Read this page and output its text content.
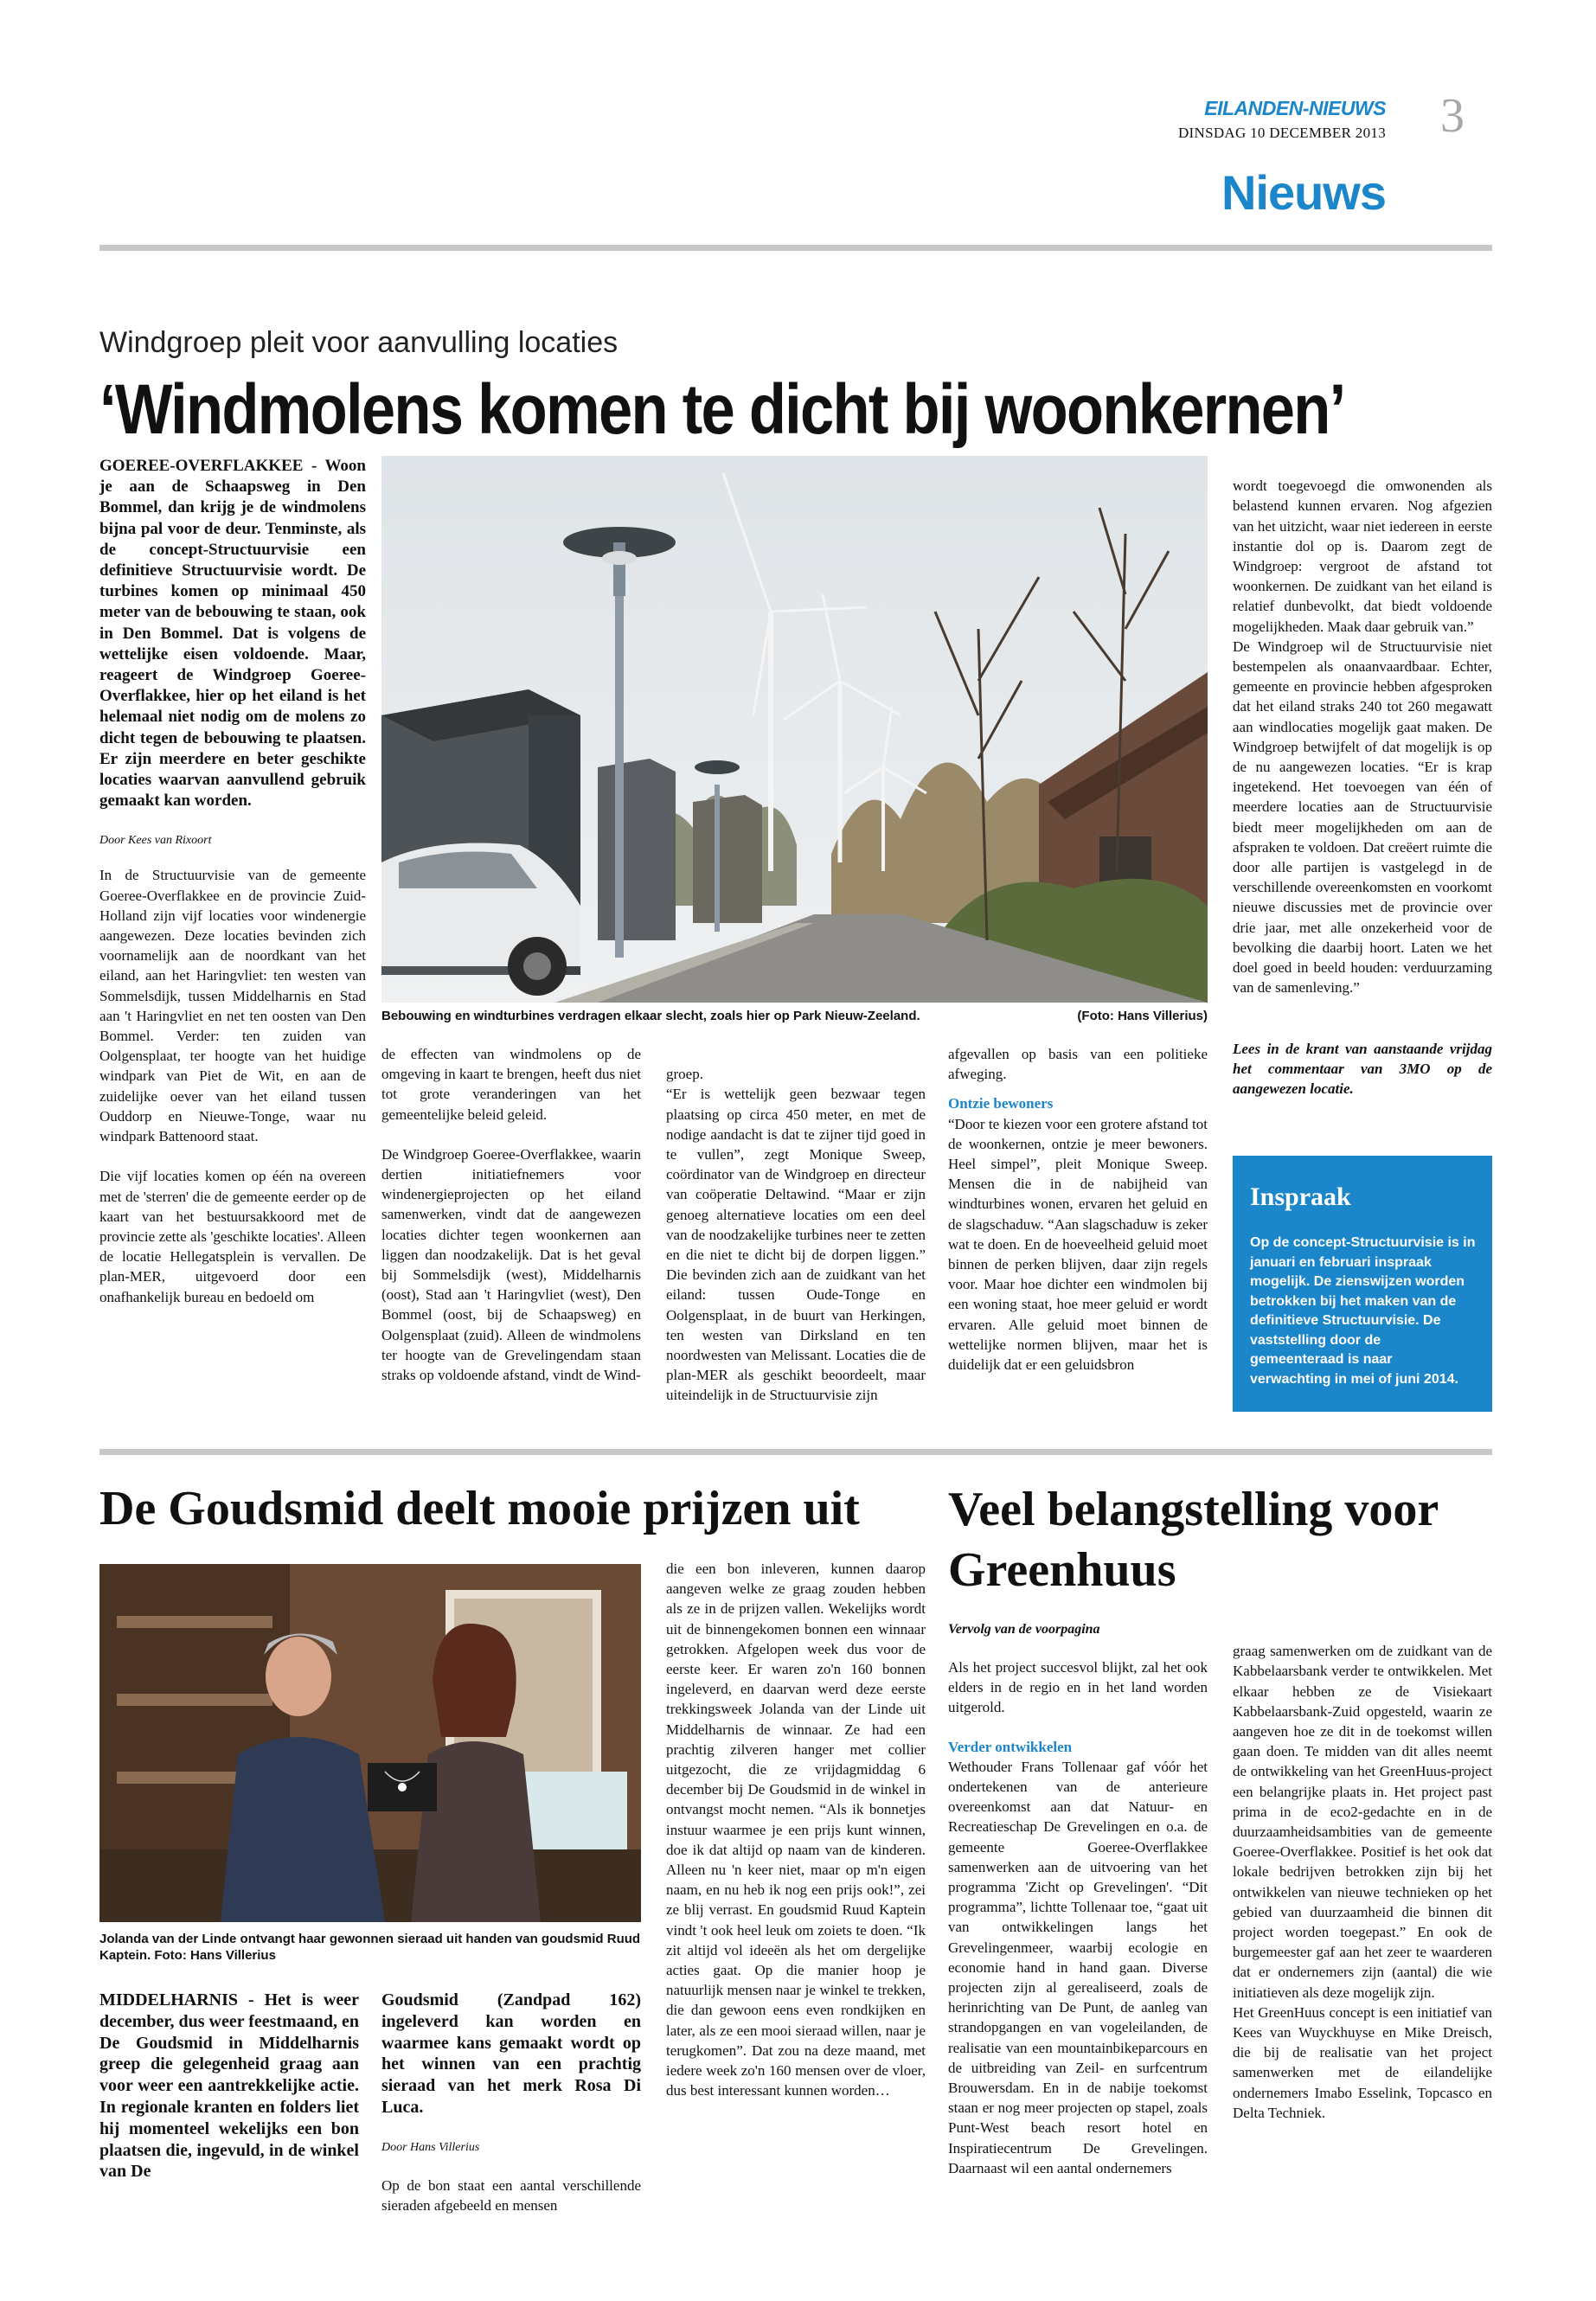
EILANDEN-NIEUWS
DINSDAG 10 DECEMBER 2013 3
Nieuws
Windgroep pleit voor aanvulling locaties
‘Windmolens komen te dicht bij woonkernen’

GOEREE-OVERFLAKKEE - Woon je aan de Schaapsweg in Den Bommel, dan krijg je de windmolens bijna pal voor de deur. Tenminste, als de concept-Structuurvisie een definitieve Structuurvisie wordt. De turbines komen op minimaal 450 meter van de bebouwing te staan, ook in Den Bommel. Dat is volgens de wettelijke eisen voldoende. Maar, reageert de Windgroep Goeree-Overflakkee, hier op het eiland is het helemaal niet nodig om de molens zo dicht tegen de bebouwing te plaatsen. Er zijn meerdere en beter geschikte locaties waarvan aanvullend gebruik gemaakt kan worden.

Door Kees van Rixoort

In de Structuurvisie van de gemeente Goeree-Overflakkee en de provincie Zuid-Holland zijn vijf locaties voor windenergie aangewezen. Deze locaties bevinden zich voornamelijk aan de noordkant van het eiland, aan het Haringvliet: ten westen van Sommelsdijk, tussen Middelharnis en Stad aan 't Haringvliet en net ten oosten van Den Bommel. Verder: ten zuiden van Oolgensplaat, ter hoogte van het huidige windpark van Piet de Wit, en aan de zuidelijke oever van het eiland tussen Ouddorp en Nieuwe-Tonge, waar nu windpark Battenoord staat.

Die vijf locaties komen op één na overeen met de 'sterren' die de gemeente eerder op de kaart van het bestuursakkoord met de provincie zette als 'geschikte locaties'. Alleen de locatie Hellegatsplein is vervallen. De plan-MER, uitgevoerd door een onafhankelijk bureau en bedoeld om

Bebouwing en windturbines verdragen elkaar slecht, zoals hier op Park Nieuw-Zeeland.	(Foto: Hans Villerius)

de effecten van windmolens op de omgeving in kaart te brengen, heeft dus niet tot grote veranderingen van het gemeentelijke beleid geleid.

De Windgroep Goeree-Overflakkee, waarin dertien initiatiefnemers voor windenergieprojecten op het eiland samenwerken, vindt dat de aangewezen locaties dichter tegen woonkernen aan liggen dan noodzakelijk. Dat is het geval bij Sommelsdijk (west), Middelharnis (oost), Stad aan 't Haringvliet (west), Den Bommel (oost, bij de Schaapsweg) en Oolgensplaat (zuid). Alleen de windmolens ter hoogte van de Grevelingendam staan straks op voldoende afstand, vindt de Wind-

groep.
“Er is wettelijk geen bezwaar tegen plaatsing op circa 450 meter, en met de nodige aandacht is dat te zijner tijd goed in te vullen”, zegt Monique Sweep, coördinator van de Windgroep en directeur van coöperatie Deltawind. “Maar er zijn genoeg alternatieve locaties om een deel van de noodzakelijke turbines neer te zetten en die niet te dicht bij de dorpen liggen.” Die bevinden zich aan de zuidkant van het eiland: tussen Oude-Tonge en Oolgensplaat, in de buurt van Herkingen, ten westen van Dirksland en ten noordwesten van Melissant. Locaties die de plan-MER als geschikt beoordeelt, maar uiteindelijk in de Structuurvisie zijn

afgevallen op basis van een politieke afweging.

Ontzie bewoners

“Door te kiezen voor een grotere afstand tot de woonkernen, ontzie je meer bewoners. Heel simpel”, pleit Monique Sweep. Mensen die in de nabijheid van windturbines wonen, ervaren het geluid en de slagschaduw. “Aan slagschaduw is zeker wat te doen. En de hoeveelheid geluid moet binnen de perken blijven, daar zijn regels voor. Maar hoe dichter een windmolen bij een woning staat, hoe meer geluid er wordt ervaren. Alle geluid moet binnen de wettelijke normen blijven, maar het is duidelijk dat er een geluidsbron

wordt toegevoegd die omwonenden als belastend kunnen ervaren. Nog afgezien van het uitzicht, waar niet iedereen in eerste instantie dol op is. Daarom zegt de Windgroep: vergroot de afstand tot woonkernen. De zuidkant van het eiland is relatief dunbevolkt, dat biedt voldoende mogelijkheden. Maak daar gebruik van.”
De Windgroep wil de Structuurvisie niet bestempelen als onaanvaardbaar. Echter, gemeente en provincie hebben afgesproken dat het eiland straks 240 tot 260 megawatt aan windlocaties mogelijk gaat maken. De Windgroep betwijfelt of dat mogelijk is op de nu aangewezen locaties. “Er is krap ingetekend. Het toevoegen van één of meerdere locaties aan de Structuurvisie biedt meer mogelijkheden om aan de afspraken te voldoen. Dat creëert ruimte die door alle partijen is vastgelegd in de verschillende overeenkomsten en voorkomt nieuwe discussies met de provincie over drie jaar, met alle onzekerheid voor de bevolking die daarbij hoort. Laten we het doel goed in beeld houden: verduurzaming van de samenleving.”

Lees in de krant van aanstaande vrijdag het commentaar van 3MO op de aangewezen locatie.

Inspraak
Op de concept-Structuurvisie is in januari en februari inspraak mogelijk. De zienswijzen worden betrokken bij het maken van de definitieve Structuurvisie. De vaststelling door de gemeenteraad is naar verwachting in mei of juni 2014.
De Goudsmid deelt mooie prijzen uit
Jolanda van der Linde ontvangt haar gewonnen sieraad uit handen van goudsmid Ruud Kaptein. Foto: Hans Villerius
MIDDELHARNIS - Het is weer december, dus weer feestmaand, en De Goudsmid in Middelharnis greep die gelegenheid graag aan voor weer een aantrekkelijke actie. In regionale kranten en folders liet hij momenteel wekelijks een bon plaatsen die, ingevuld, in de winkel van De

Goudsmid (Zandpad 162) ingeleverd kan worden en waarmee kans gemaakt wordt op het winnen van een prachtig sieraad van het merk Rosa Di Luca.

Door Hans Villerius

Op de bon staat een aantal verschillende sieraden afgebeeld en mensen

die een bon inleveren, kunnen daarop aangeven welke ze graag zouden hebben als ze in de prijzen vallen. Wekelijks wordt uit de binnengekomen bonnen een winnaar getrokken. Afgelopen week dus voor de eerste keer. Er waren zo'n 160 bonnen ingeleverd, en daarvan werd deze eerste trekkingsweek Jolanda van der Linde uit Middelharnis de winnaar. Ze had een prachtig zilveren hanger met collier uitgezocht, die ze vrijdagmiddag 6 december bij De Goudsmid in de winkel in ontvangst mocht nemen. “Als ik bonnetjes instuur waarmee je een prijs kunt winnen, doe ik dat altijd op naam van de kinderen. Alleen nu 'n keer niet, maar op m'n eigen naam, en nu heb ik nog een prijs ook!”, zei ze blij verrast. En goudsmid Ruud Kaptein vindt 't ook heel leuk om zoiets te doen. “Ik zit altijd vol ideeën als het om dergelijke acties gaat. Op die manier hoop je natuurlijk mensen naar je winkel te trekken, die dan gewoon eens even rondkijken en later, als ze een mooi sieraad willen, naar je terugkomen”. Dat zou na deze maand, met iedere week zo'n 160 mensen over de vloer, dus best interessant kunnen worden…

Veel belangstelling voor Greenhuus
Vervolg van de voorpagina

Als het project succesvol blijkt, zal het ook elders in de regio en in het land worden uitgerold.

Verder ontwikkelen

Wethouder Frans Tollenaar gaf vóór het ondertekenen van de anterieure overeenkomst aan dat Natuur- en Recreatieschap De Grevelingen en o.a. de gemeente Goeree-Overflakkee samenwerken aan de uitvoering van het programma 'Zicht op Grevelingen'. “Dit programma”, lichtte Tollenaar toe, “gaat uit van ontwikkelingen langs het Grevelingenmeer, waarbij ecologie en economie hand in hand gaan. Diverse projecten zijn al gerealiseerd, zoals de herinrichting van De Punt, de aanleg van strandopgangen en van vogeleilanden, de realisatie van een mountainbikeparcours en de uitbreiding van Zeil- en surfcentrum Brouwersdam. En in de nabije toekomst staan er nog meer projecten op stapel, zoals Punt-West beach resort hotel en Inspiratiecentrum De Grevelingen. Daarnaast wil een aantal ondernemers

graag samenwerken om de zuidkant van de Kabbelaarsbank verder te ontwikkelen. Met elkaar hebben ze de Visiekaart Kabbelaarsbank-Zuid opgesteld, waarin ze aangeven hoe ze dit in de toekomst willen gaan doen. Te midden van dit alles neemt de ontwikkeling van het GreenHuus-project een belangrijke plaats in. Het project past prima in de eco2-gedachte en in de duurzaamheidsambities van de gemeente Goeree-Overflakkee. Positief is het ook dat lokale bedrijven betrokken zijn bij het ontwikkelen van nieuwe technieken op het gebied van duurzaamheid die binnen dit project worden toegepast.” En ook de burgemeester gaf aan het zeer te waarderen dat er ondernemers zijn (aantal) die wie initiatieven als deze mogelijk zijn.
Het GreenHuus concept is een initiatief van Kees van Wuyckhuyse en Mike Dreisch, die bij de realisatie van het project samenwerken met de eilandelijke ondernemers Imabo Esselink, Topcasco en Delta Techniek.
